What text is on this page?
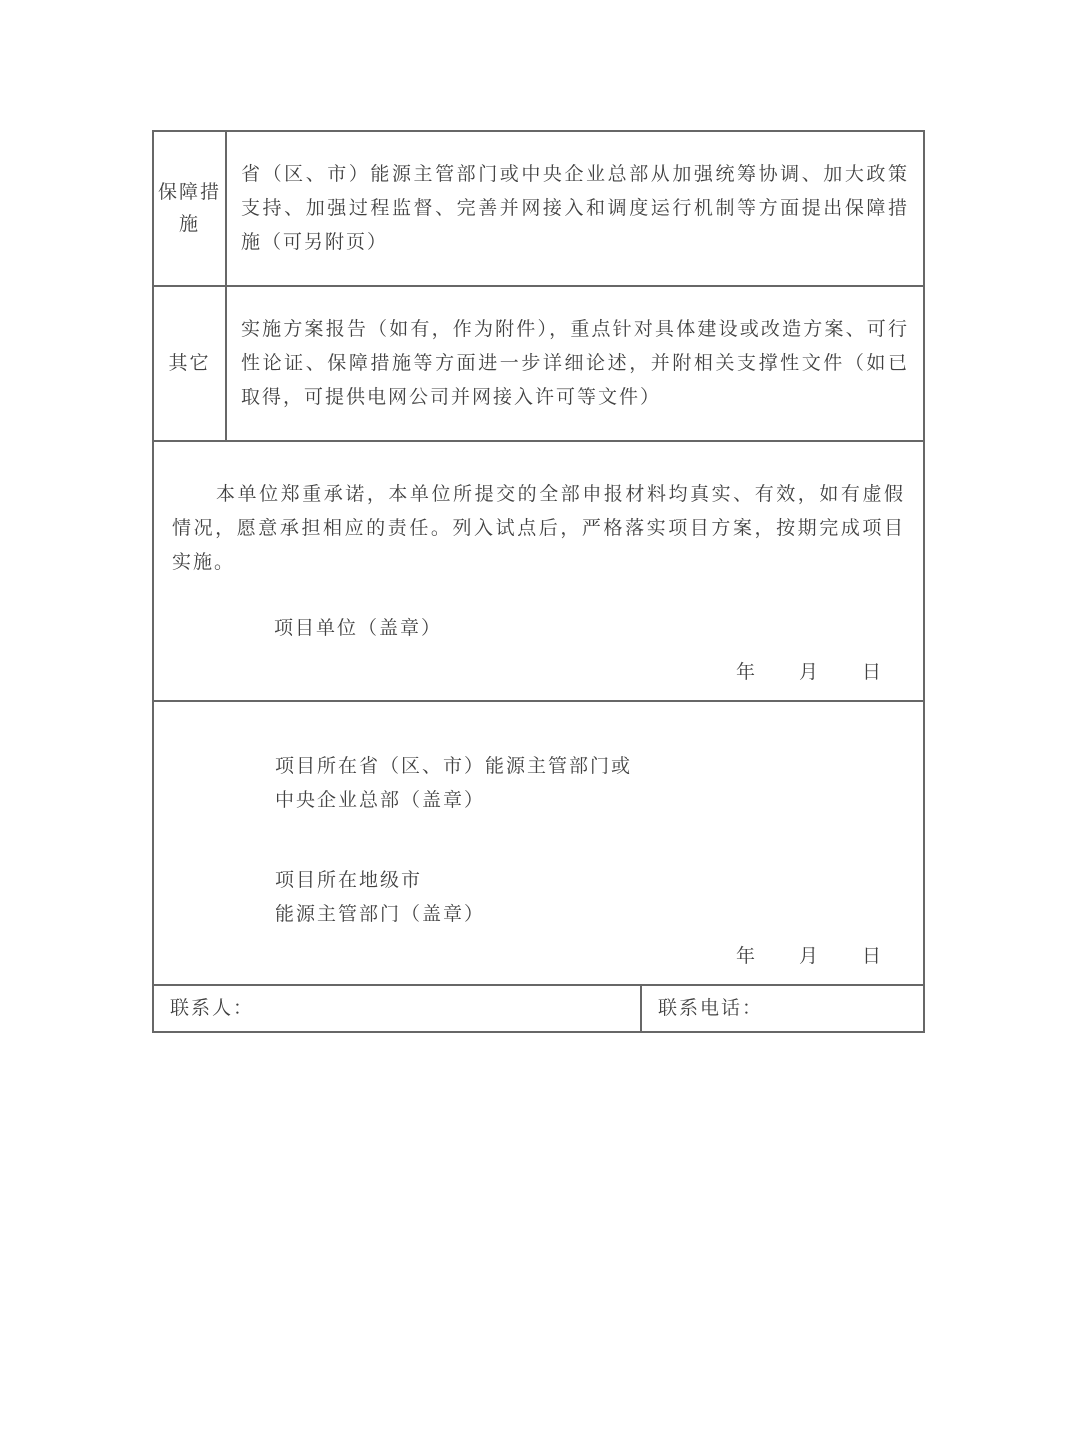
保障措施
省（区、市）能源主管部门或中央企业总部从加强统筹协调、加大政策支持、加强过程监督、完善并网接入和调度运行机制等方面提出保障措施（可另附页）
其它
实施方案报告（如有，作为附件），重点针对具体建设或改造方案、可行性论证、保障措施等方面进一步详细论述，并附相关支撑性文件（如已取得，可提供电网公司并网接入许可等文件）
本单位郑重承诺，本单位所提交的全部申报材料均真实、有效，如有虚假情况，愿意承担相应的责任。列入试点后，严格落实项目方案，按期完成项目实施。
项目单位（盖章）
年　　月　　日
项目所在省（区、市）能源主管部门或
中央企业总部（盖章）
项目所在地级市
能源主管部门（盖章）
年　　月　　日
联系人：	联系电话：
